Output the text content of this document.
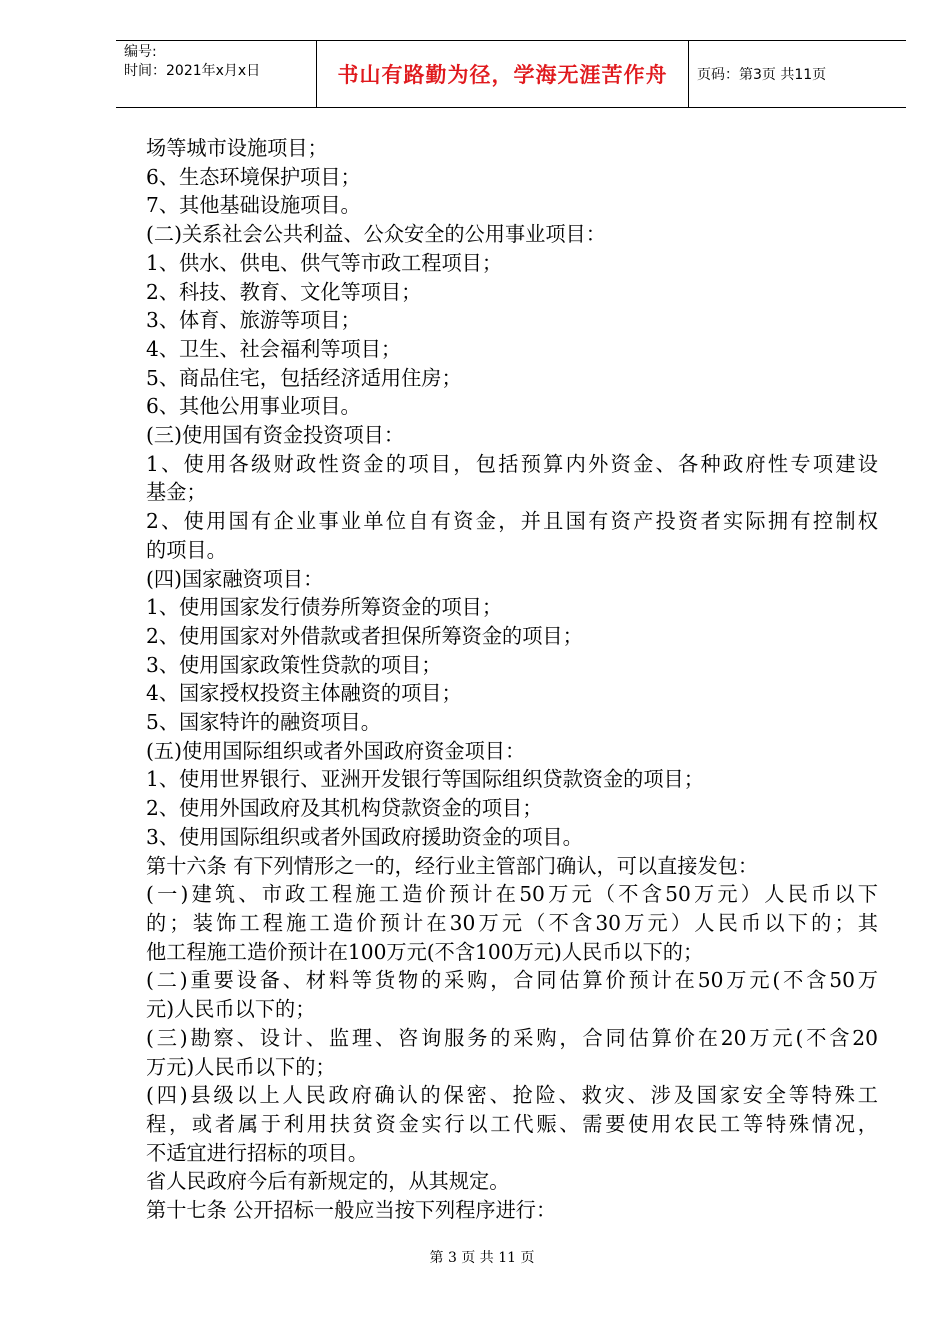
编号:
时间：2021年x月x日	书山有路勤为径，学海无涯苦作舟	页码：第3页 共11页
场等城市设施项目；
6、生态环境保护项目；
7、其他基础设施项目。
(二)关系社会公共利益、公众安全的公用事业项目：
1、供水、供电、供气等市政工程项目；
2、科技、教育、文化等项目；
3、体育、旅游等项目；
4、卫生、社会福利等项目；
5、商品住宅，包括经济适用住房；
6、其他公用事业项目。
(三)使用国有资金投资项目：
1、使用各级财政性资金的项目，包括预算内外资金、各种政府性专项建设
基金；
2、使用国有企业事业单位自有资金，并且国有资产投资者实际拥有控制权
的项目。
(四)国家融资项目：
1、使用国家发行债券所筹资金的项目；
2、使用国家对外借款或者担保所筹资金的项目；
3、使用国家政策性贷款的项目；
4、国家授权投资主体融资的项目；
5、国家特许的融资项目。
(五)使用国际组织或者外国政府资金项目：
1、使用世界银行、亚洲开发银行等国际组织贷款资金的项目；
2、使用外国政府及其机构贷款资金的项目；
3、使用国际组织或者外国政府援助资金的项目。
第十六条 有下列情形之一的，经行业主管部门确认，可以直接发包：
(一)建筑、市政工程施工造价预计在50万元（不含50万元）人民币以下
的；装饰工程施工造价预计在30万元（不含30万元）人民币以下的；其
他工程施工造价预计在100万元(不含100万元)人民币以下的；
(二)重要设备、材料等货物的采购，合同估算价预计在50万元(不含50万
元)人民币以下的；
(三)勘察、设计、监理、咨询服务的采购，合同估算价在20万元(不含20
万元)人民币以下的；
(四)县级以上人民政府确认的保密、抢险、救灾、涉及国家安全等特殊工
程，或者属于利用扶贫资金实行以工代赈、需要使用农民工等特殊情况，
不适宜进行招标的项目。
省人民政府今后有新规定的，从其规定。
第十七条 公开招标一般应当按下列程序进行：
第 3 页 共 11 页
